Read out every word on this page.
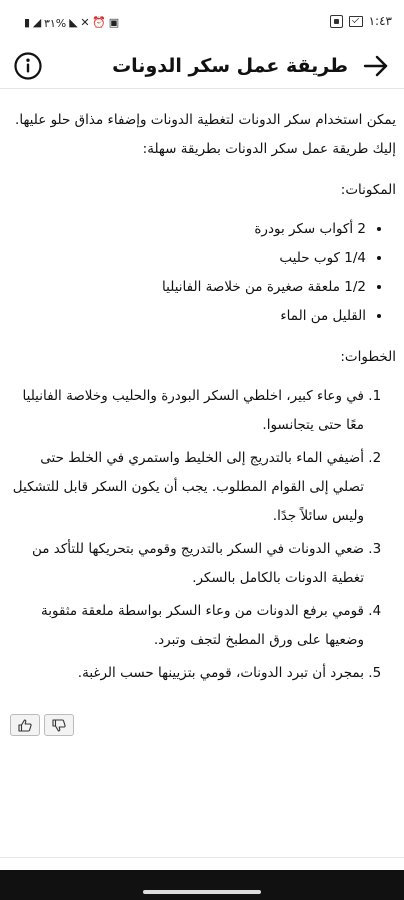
▮ ◢ ٣١% ◣ ✕ ⏰ ▣	١:٤٣
طريقة عمل سكر الدونات

يمكن استخدام سكر الدونات لتغطية الدونات وإضفاء مذاق حلو عليها. إليك طريقة عمل سكر الدونات بطريقة سهلة:

المكونات:

• 2 أكواب سكر بودرة
• 1/4 كوب حليب
• 1/2 ملعقة صغيرة من خلاصة الفانيليا
• القليل من الماء

الخطوات:

1. في وعاء كبير، اخلطي السكر البودرة والحليب وخلاصة الفانيليا معًا حتى يتجانسوا.
2. أضيفي الماء بالتدريج إلى الخليط واستمري في الخلط حتى تصلي إلى القوام المطلوب. يجب أن يكون السكر قابل للتشكيل وليس سائلاً جدًا.
3. ضعي الدونات في السكر بالتدريج وقومي بتحريكها للتأكد من تغطية الدونات بالكامل بالسكر.
4. قومي برفع الدونات من وعاء السكر بواسطة ملعقة مثقوبة وضعيها على ورق المطبخ لتجف وتبرد.
5. بمجرد أن تبرد الدونات، قومي بتزيينها حسب الرغبة.
